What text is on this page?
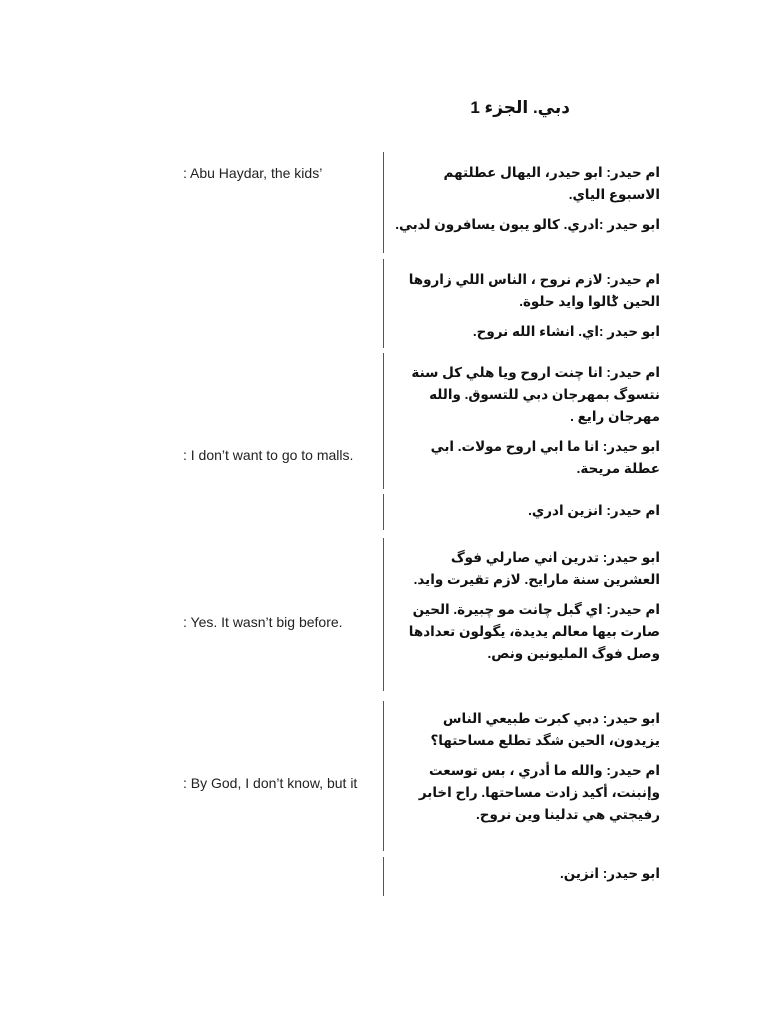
دبي. الجزء 1
: Abu Haydar, the kids’	ام حيدر: ابو حيدر، اليهال عطلتهم الاسبوع الياي.

ابو حيدر :ادري. كالو يبون يسافرون لدبي.

ام حيدر: لازم نروح ، الناس اللي زاروها الحين ݣالوا وايد حلوة.

ابو حيدر :اي. انشاء الله نروح.

: I don’t want to go to malls.

ام حيدر: انا چنت اروح ويا هلي كل سنة نتسوگ بمهرجان دبي للتسوق. والله مهرجان رايع .

ابو حيدر: انا ما ابي اروح مولات. ابي عطلة مريحة.

ام حيدر: انزين ادري.

: Yes. It wasn’t big before.

ابو حيدر: تدرين اني صارلي فوگ العشرين سنة مارايح. لازم تقيرت وايد.

ام حيدر: اي گبل چانت مو چبيرة. الحين صارت بيها معالم يديدة، يگولون تعدادها وصل فوگ المليونين ونص.

: By God, I don’t know, but it

ابو حيدر: دبي كبرت طبيعي الناس يزيدون، الحين شگد تطلع مساحتها؟

ام حيدر: والله ما أدري ، بس توسعت وإنبنت، أكيد زادت مساحتها. راح اخابر رفيجتي هي تدلينا وين نروح.

ابو حيدر: انزين.
